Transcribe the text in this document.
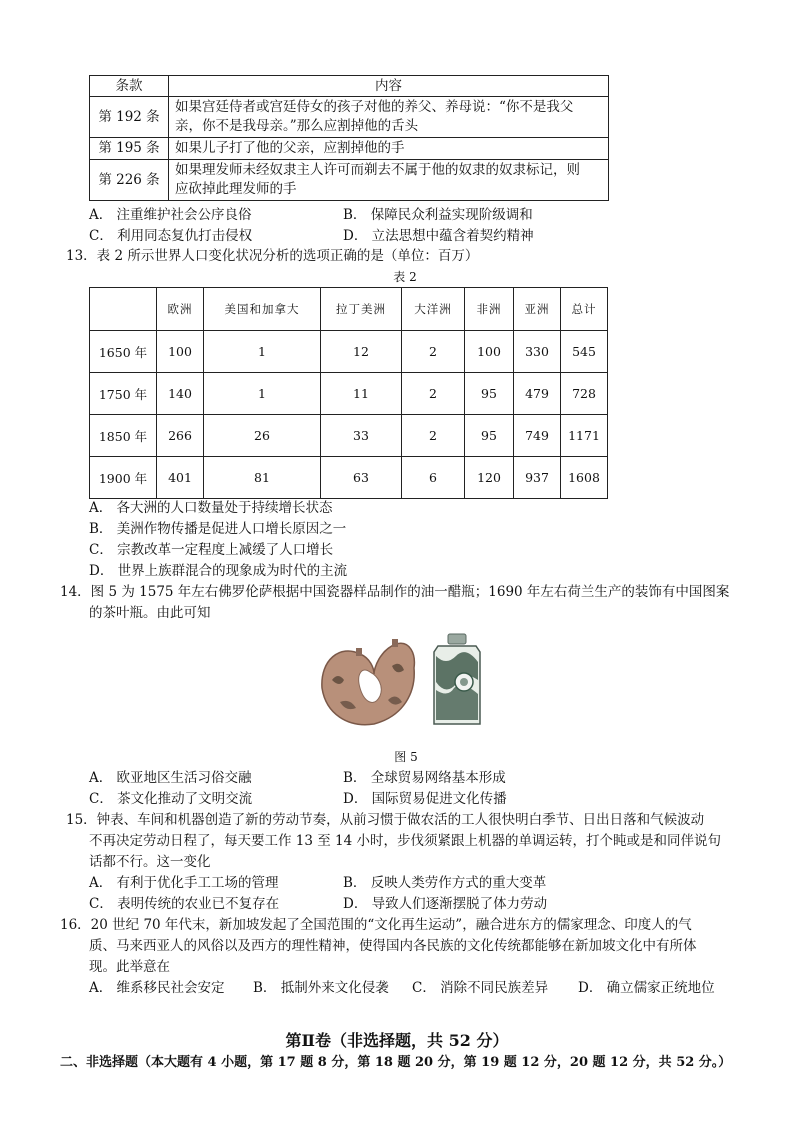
条款	内容
第 192 条	如果宫廷侍者或宫廷侍女的孩子对他的养父、养母说：“你不是我父
亲，你不是我母亲。”那么应割掉他的舌头

第 195 条	如果儿子打了他的父亲，应割掉他的手

第 226 条	如果理发师未经奴隶主人许可而剃去不属于他的奴隶的奴隶标记，则
应砍掉此理发师的手
A． 注重维护社会公序良俗	B． 保障民众利益实现阶级调和
C． 利用同态复仇打击侵权	D． 立法思想中蕴含着契约精神
13．表 2 所示世界人口变化状况分析的选项正确的是（单位：百万）
表 2
	欧洲	美国和加拿大	拉丁美洲	大洋洲	非洲	亚洲	总计
1650 年	100	1	12	2	100	330	545
1750 年	140	1	11	2	95	479	728
1850 年	266	26	33	2	95	749	1171
1900 年	401	81	63	6	120	937	1608
A． 各大洲的人口数量处于持续增长状态
B． 美洲作物传播是促进人口增长原因之一
C． 宗教改革一定程度上减缓了人口增长
D． 世界上族群混合的现象成为时代的主流
14．图 5 为 1575 年左右佛罗伦萨根据中国瓷器样品制作的油一醋瓶；1690 年左右荷兰生产的装饰有中国图案
的茶叶瓶。由此可知
图 5
A． 欧亚地区生活习俗交融	B． 全球贸易网络基本形成
C． 茶文化推动了文明交流	D． 国际贸易促进文化传播
15．钟表、车间和机器创造了新的劳动节奏，从前习惯于做农活的工人很快明白季节、日出日落和气候波动
不再决定劳动日程了，每天要工作 13 至 14 小时，步伐须紧跟上机器的单调运转，打个盹或是和同伴说句
话都不行。这一变化
A． 有利于优化手工工场的管理	B． 反映人类劳作方式的重大变革
C． 表明传统的农业已不复存在	D． 导致人们逐渐摆脱了体力劳动
16．20 世纪 70 年代末，新加坡发起了全国范围的“文化再生运动”，融合进东方的儒家理念、印度人的气
质、马来西亚人的风俗以及西方的理性精神，使得国内各民族的文化传统都能够在新加坡文化中有所体
现。此举意在
A． 维系移民社会安定 B． 抵制外来文化侵袭 C． 消除不同民族差异 D． 确立儒家正统地位
第Ⅱ卷（非选择题，共 52 分）
二、非选择题（本大题有 4 小题，第 17 题 8 分，第 18 题 20 分，第 19 题 12 分，20 题 12 分，共 52 分。）
